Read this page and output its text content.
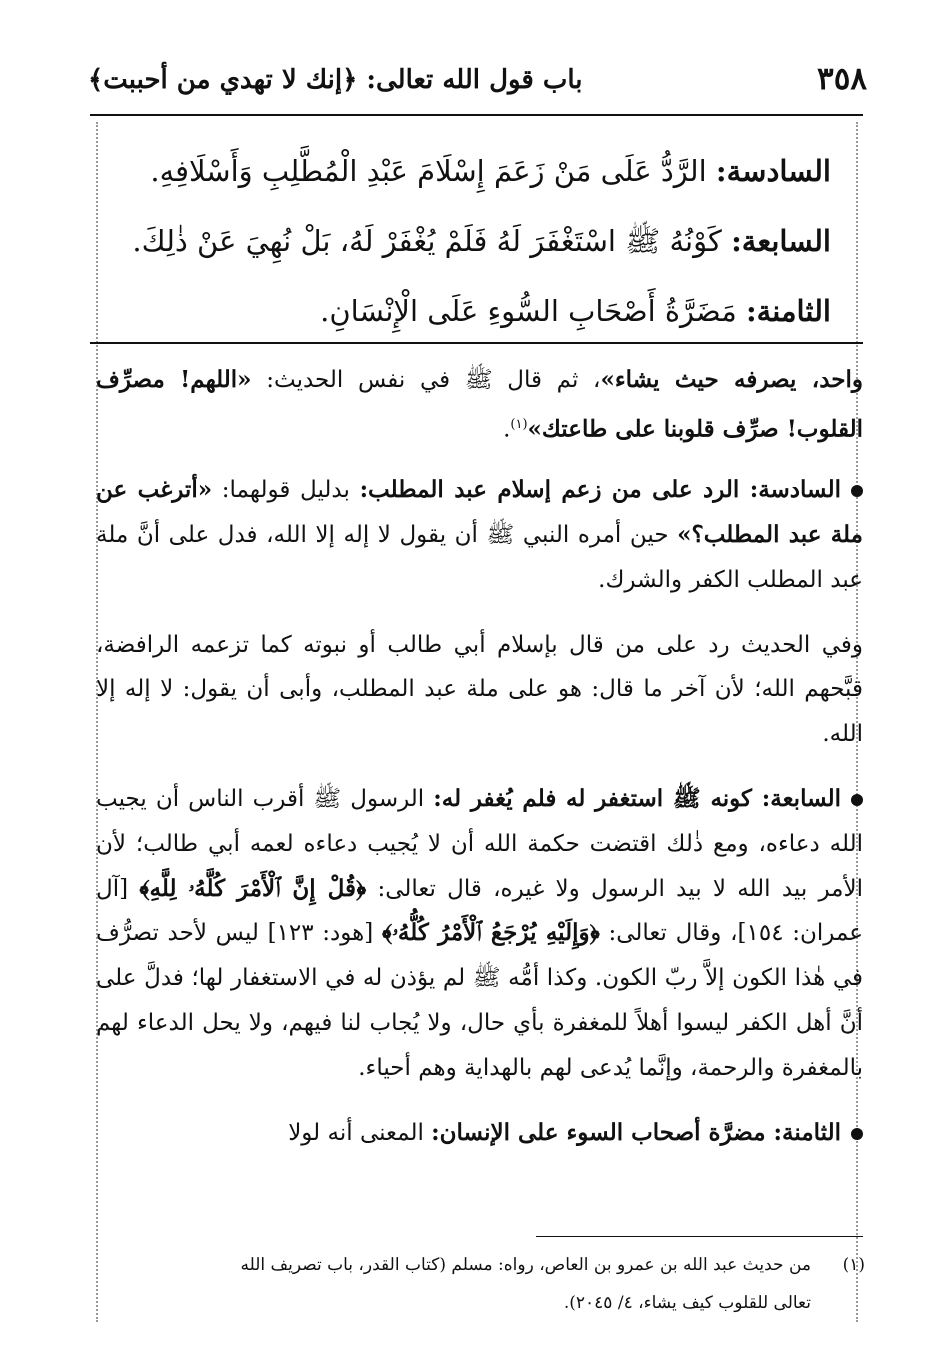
٣٥٨
باب قول الله تعالى: ﴿إنك لا تهدي من أحببت﴾
السادسة: الرَّدُّ عَلَى مَنْ زَعَمَ إِسْلَامَ عَبْدِ الْمُطَّلِبِ وَأَسْلَافِهِ.
السابعة: كَوْنُهُ ﷺ اسْتَغْفَرَ لَهُ فَلَمْ يُغْفَرْ لَهُ، بَلْ نُهِيَ عَنْ ذٰلِكَ.
الثامنة: مَضَرَّةُ أَصْحَابِ السُّوءِ عَلَى الْإِنْسَانِ.

واحد، يصرفه حيث يشاء»، ثم قال ﷺ في نفس الحديث: «اللهم! مصرِّف القلوب! صرِّف قلوبنا على طاعتك»$^{(١)}$.

السادسة: الرد على من زعم إسلام عبد المطلب: بدليل قولهما: «أترغب عن ملة عبد المطلب؟» حين أمره النبي ﷺ أن يقول لا إله إلا الله، فدل على أنَّ ملة عبد المطلب الكفر والشرك.

وفي الحديث رد على من قال بإسلام أبي طالب أو نبوته كما تزعمه الرافضة، قبَّحهم الله؛ لأن آخر ما قال: هو على ملة عبد المطلب، وأبى أن يقول: لا إله إلا الله.

السابعة: كونه ﷺ استغفر له فلم يُغفر له: الرسول ﷺ أقرب الناس أن يجيب الله دعاءه، ومع ذٰلك اقتضت حكمة الله أن لا يُجيب دعاءه لعمه أبي طالب؛ لأن الأمر بيد الله لا بيد الرسول ولا غيره، قال تعالى: ﴿قُلْ إِنَّ ٱلْأَمْرَ كُلَّهُۥ لِلَّهِ﴾ [آل عمران: ١٥٤]، وقال تعالى: ﴿وَإِلَيْهِ يُرْجَعُ ٱلْأَمْرُ كُلُّهُۥ﴾ [هود: ١٢٣] ليس لأحد تصرُّف في هٰذا الكون إلاَّ ربّ الكون. وكذا أمُّه ﷺ لم يؤذن له في الاستغفار لها؛ فدلَّ على أنَّ أهل الكفر ليسوا أهلاً للمغفرة بأي حال، ولا يُجاب لنا فيهم، ولا يحل الدعاء لهم بالمغفرة والرحمة، وإنَّما يُدعى لهم بالهداية وهم أحياء.

الثامنة: مضرَّة أصحاب السوء على الإنسان: المعنى أنه لولا

(١)من حديث عبد الله بن عمرو بن العاص، رواه: مسلم (كتاب القدر، باب تصريف الله
تعالى للقلوب كيف يشاء، ٤/ ٢٠٤٥).
